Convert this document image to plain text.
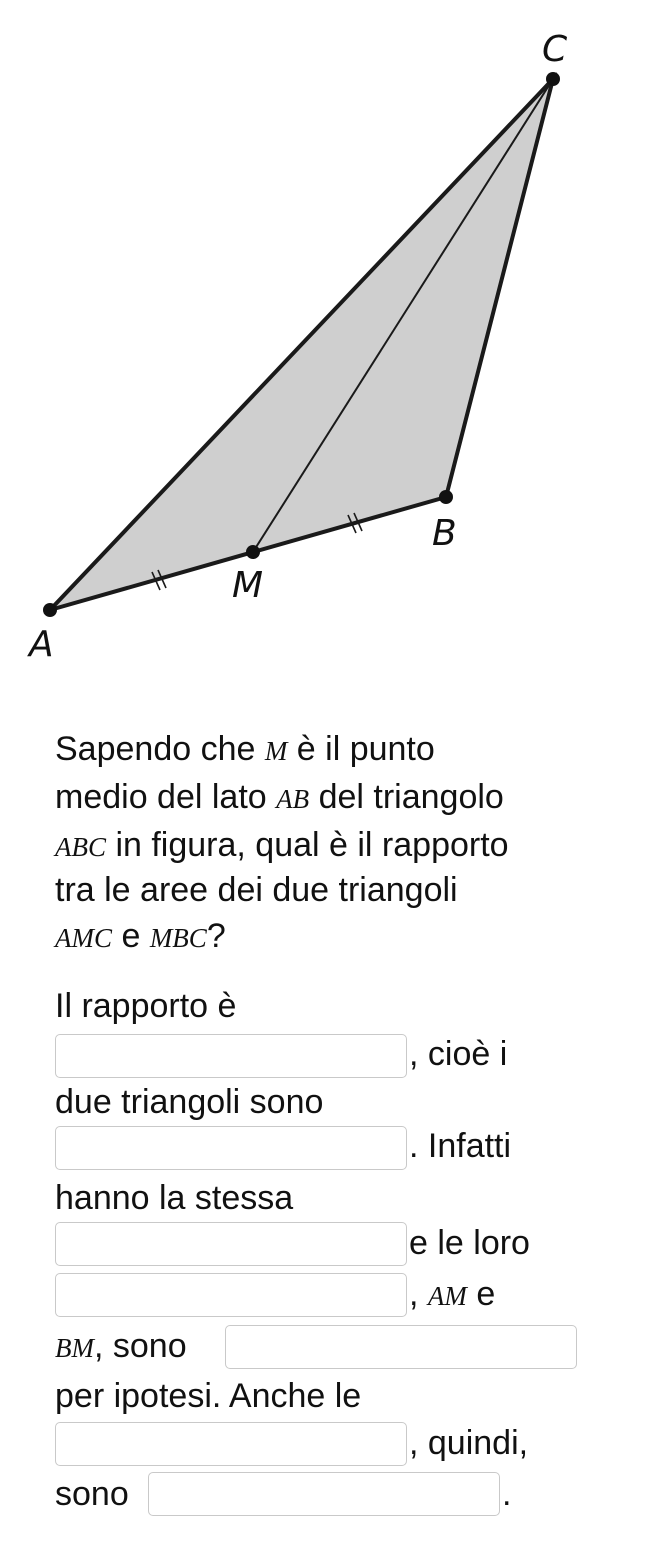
A
M
B
C
Sapendo che M è il punto
medio del lato AB del triangolo
ABC in figura, qual è il rapporto
tra le aree dei due triangoli
AMC e MBC?
Il rapporto è
, cioè i
due triangoli sono
. Infatti
hanno la stessa
e le loro
, AM e
BM, sono
per ipotesi. Anche le
, quindi,
sono	.
